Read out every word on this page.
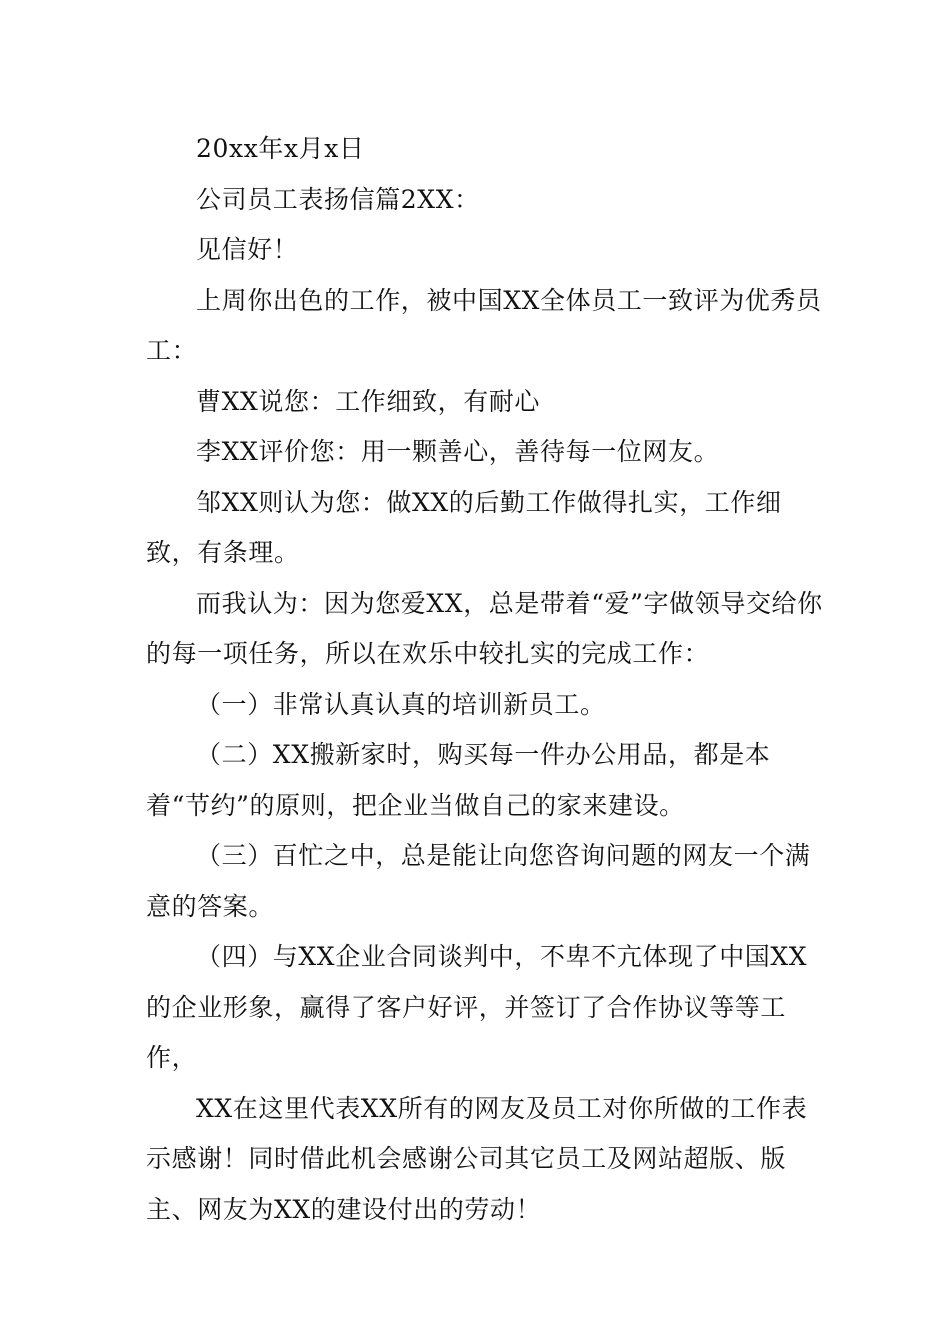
20xx年x月x日

公司员工表扬信篇2XX：

见信好！

上周你出色的工作，被中国XX全体员工一致评为优秀员工：

曹XX说您：工作细致，有耐心

李XX评价您：用一颗善心，善待每一位网友。

邹XX则认为您：做XX的后勤工作做得扎实，工作细致，有条理。

而我认为：因为您爱XX，总是带着“爱”字做领导交给你的每一项任务，所以在欢乐中较扎实的完成工作：

（一）非常认真认真的培训新员工。

（二）XX搬新家时，购买每一件办公用品，都是本着“节约”的原则，把企业当做自己的家来建设。

（三）百忙之中，总是能让向您咨询问题的网友一个满意的答案。

（四）与XX企业合同谈判中，不卑不亢体现了中国XX的企业形象，赢得了客户好评，并签订了合作协议等等工作，

XX在这里代表XX所有的网友及员工对你所做的工作表示感谢！同时借此机会感谢公司其它员工及网站超版、版主、网友为XX的建设付出的劳动！
